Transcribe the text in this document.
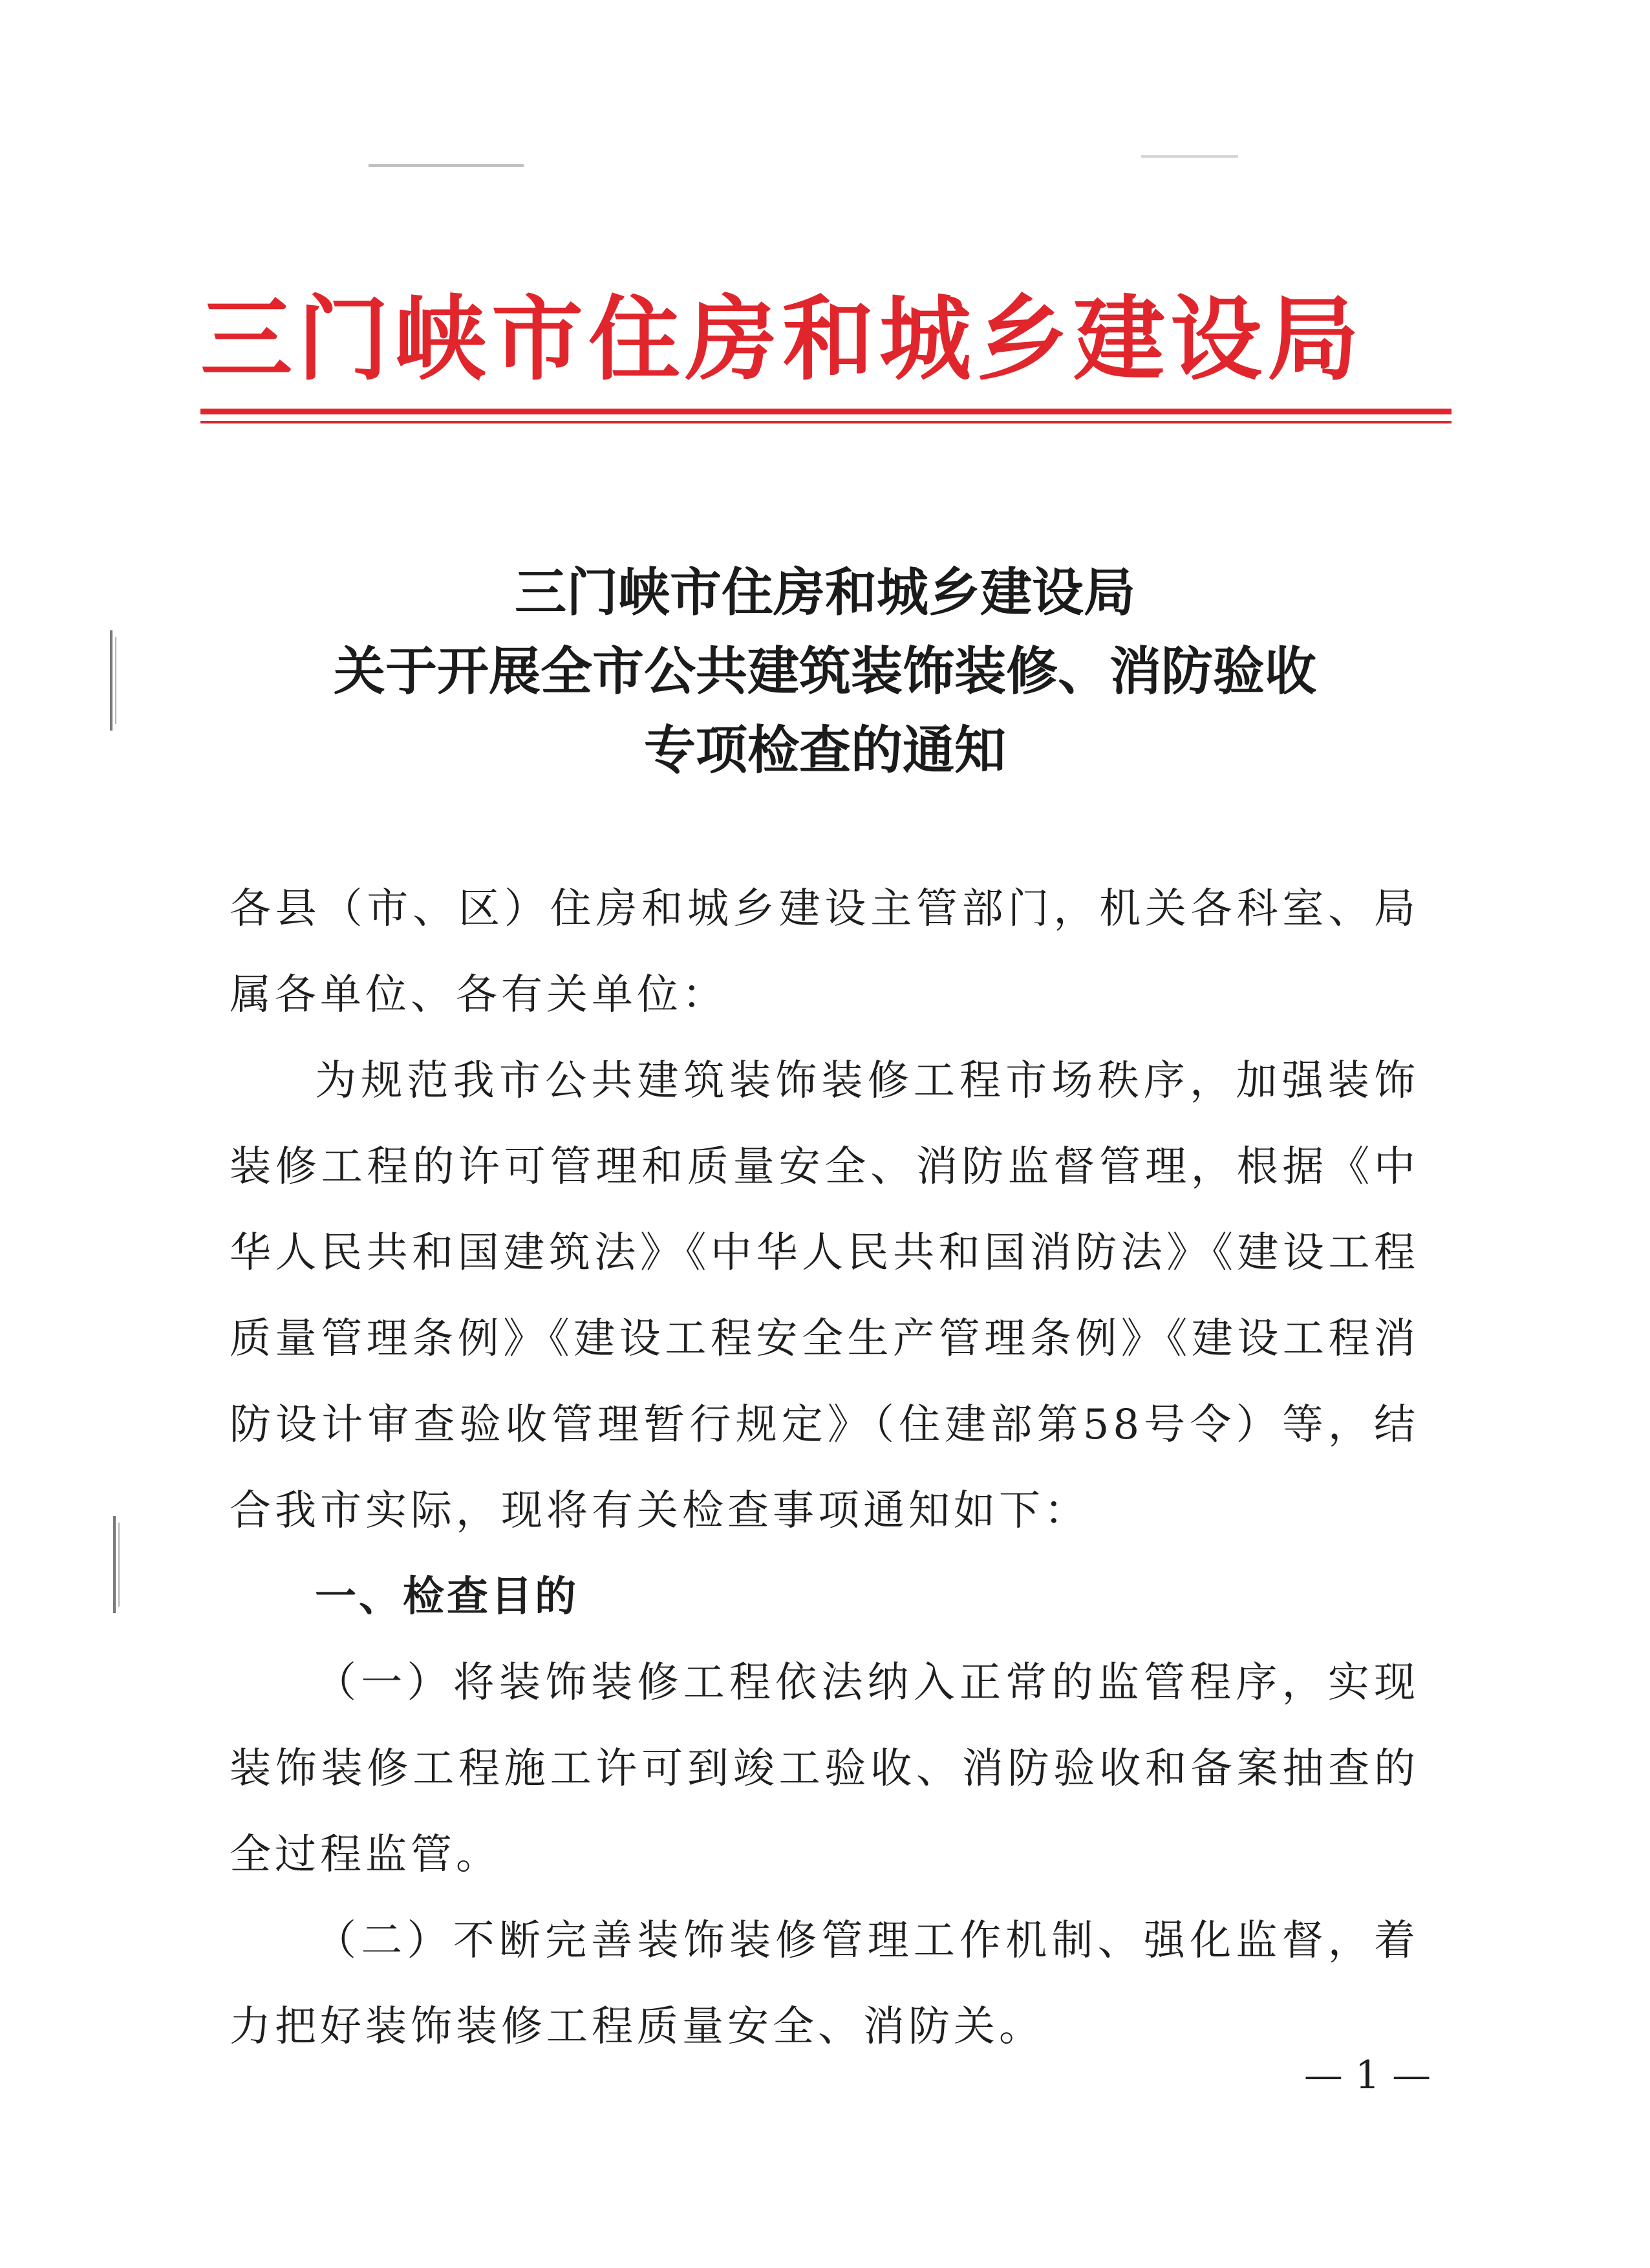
三门峡市住房和城乡建设局
三门峡市住房和城乡建设局
关于开展全市公共建筑装饰装修、消防验收
专项检查的通知

各县（市、区）住房和城乡建设主管部门，机关各科室、局属各单位、各有关单位：

为规范我市公共建筑装饰装修工程市场秩序，加强装饰装修工程的许可管理和质量安全、消防监督管理，根据《中华人民共和国建筑法》《中华人民共和国消防法》《建设工程质量管理条例》《建设工程安全生产管理条例》《建设工程消防设计审查验收管理暂行规定》（住建部第58号令）等，结合我市实际，现将有关检查事项通知如下：

一、检查目的

（一）将装饰装修工程依法纳入正常的监管程序，实现装饰装修工程施工许可到竣工验收、消防验收和备案抽查的全过程监管。

（二）不断完善装饰装修管理工作机制、强化监督，着力把好装饰装修工程质量安全、消防关。

— 1 —
